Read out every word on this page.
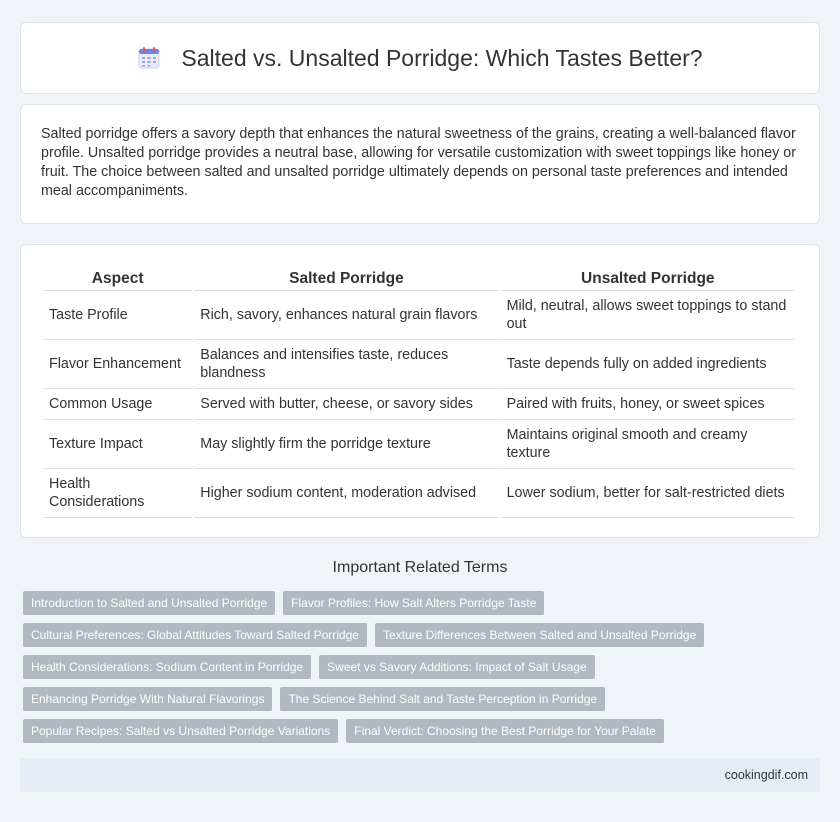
Salted vs. Unsalted Porridge: Which Tastes Better?

Salted porridge offers a savory depth that enhances the natural sweetness of the grains, creating a well-balanced flavor profile. Unsalted porridge provides a neutral base, allowing for versatile customization with sweet toppings like honey or fruit. The choice between salted and unsalted porridge ultimately depends on personal taste preferences and intended meal accompaniments.

Aspect	Salted Porridge	Unsalted Porridge
Taste Profile	Rich, savory, enhances natural grain flavors	Mild, neutral, allows sweet toppings to stand out
Flavor Enhancement	Balances and intensifies taste, reduces blandness	Taste depends fully on added ingredients
Common Usage	Served with butter, cheese, or savory sides	Paired with fruits, honey, or sweet spices
Texture Impact	May slightly firm the porridge texture	Maintains original smooth and creamy texture
Health Considerations	Higher sodium content, moderation advised	Lower sodium, better for salt-restricted diets
Important Related Terms
Introduction to Salted and Unsalted Porridge	Flavor Profiles: How Salt Alters Porridge Taste
Cultural Preferences: Global Attitudes Toward Salted Porridge	Texture Differences Between Salted and Unsalted Porridge
Health Considerations: Sodium Content in Porridge	Sweet vs Savory Additions: Impact of Salt Usage
Enhancing Porridge With Natural Flavorings	The Science Behind Salt and Taste Perception in Porridge
Popular Recipes: Salted vs Unsalted Porridge Variations	Final Verdict: Choosing the Best Porridge for Your Palate
cookingdif.com
